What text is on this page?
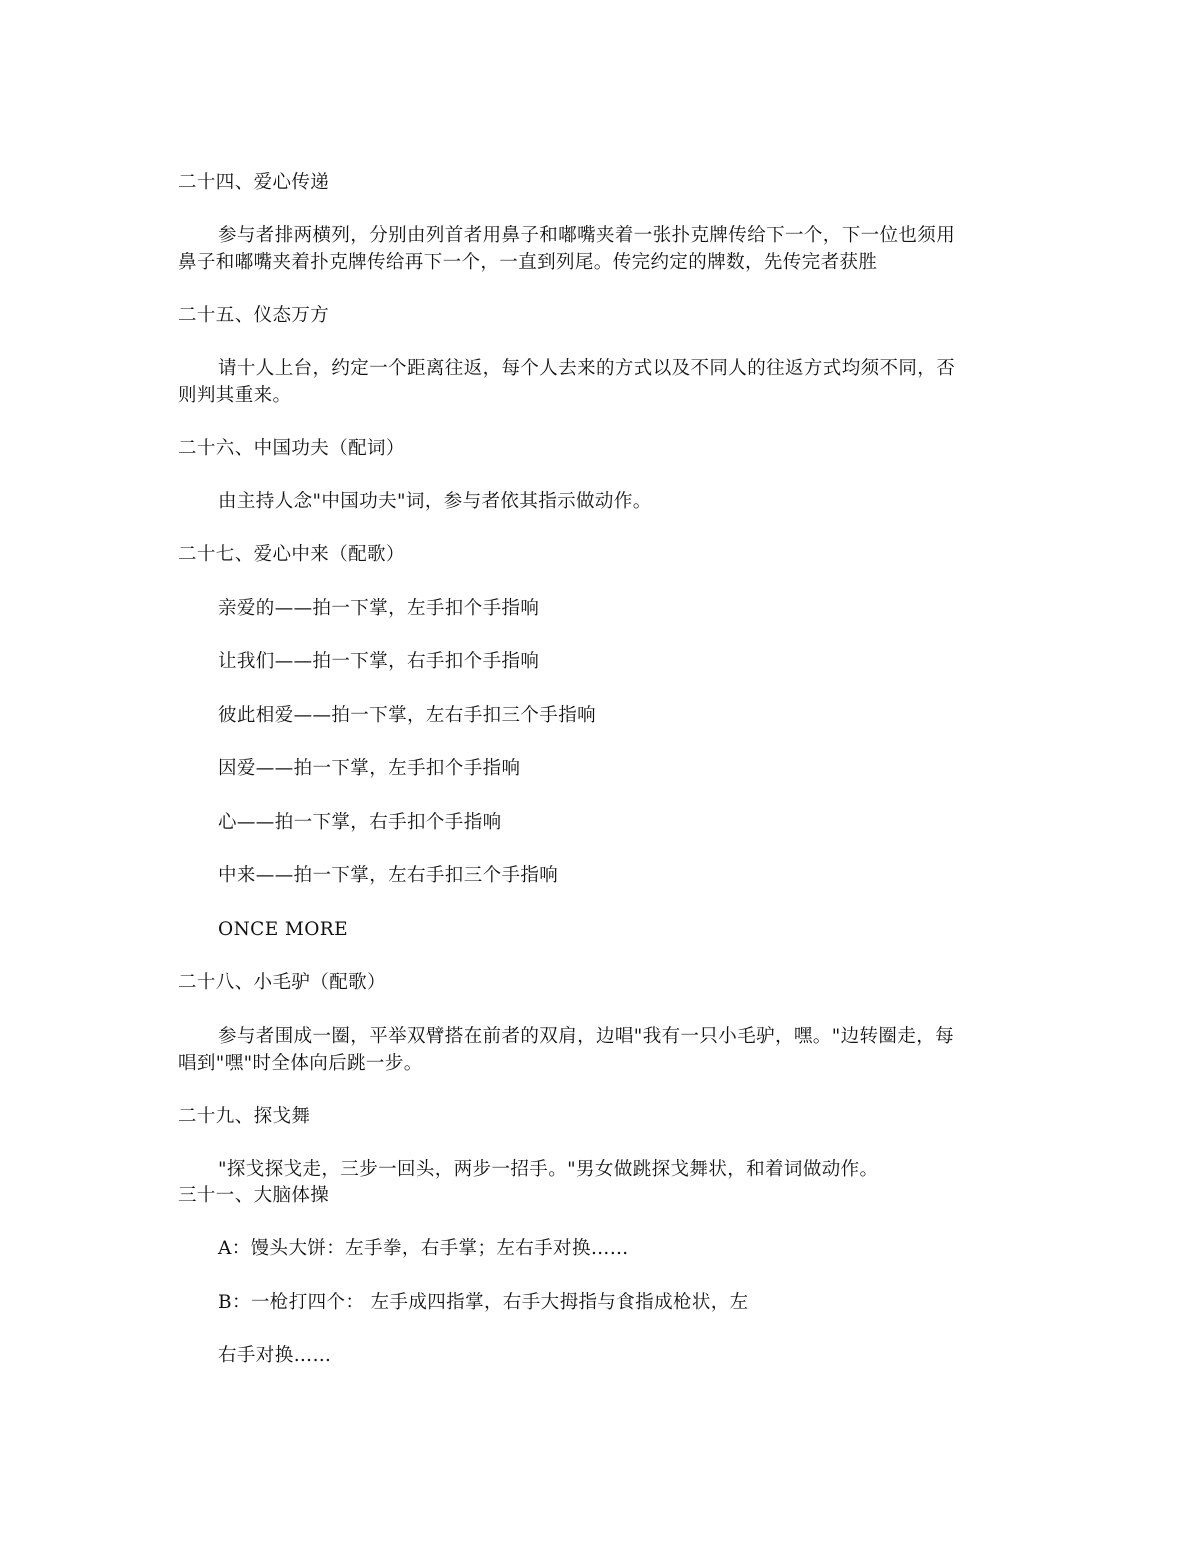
二十四、爱心传递
参与者排两横列，分别由列首者用鼻子和嘟嘴夹着一张扑克牌传给下一个，下一位也须用
鼻子和嘟嘴夹着扑克牌传给再下一个，一直到列尾。传完约定的牌数，先传完者获胜
二十五、仪态万方
请十人上台，约定一个距离往返，每个人去来的方式以及不同人的往返方式均须不同，否
则判其重来。
二十六、中国功夫（配词）
由主持人念"中国功夫"词，参与者依其指示做动作。
二十七、爱心中来（配歌）
亲爱的——拍一下掌，左手扣个手指响
让我们——拍一下掌，右手扣个手指响
彼此相爱——拍一下掌，左右手扣三个手指响
因爱——拍一下掌，左手扣个手指响
心——拍一下掌，右手扣个手指响
中来——拍一下掌，左右手扣三个手指响
ONCE MORE
二十八、小毛驴（配歌）
参与者围成一圈，平举双臂搭在前者的双肩，边唱"我有一只小毛驴，嘿。"边转圈走，每
唱到"嘿"时全体向后跳一步。
二十九、探戈舞
"探戈探戈走，三步一回头，两步一招手。"男女做跳探戈舞状，和着词做动作。
三十一、大脑体操
A：馒头大饼：左手拳，右手掌；左右手对换……
B：一枪打四个： 左手成四指掌，右手大拇指与食指成枪状，左
右手对换……
